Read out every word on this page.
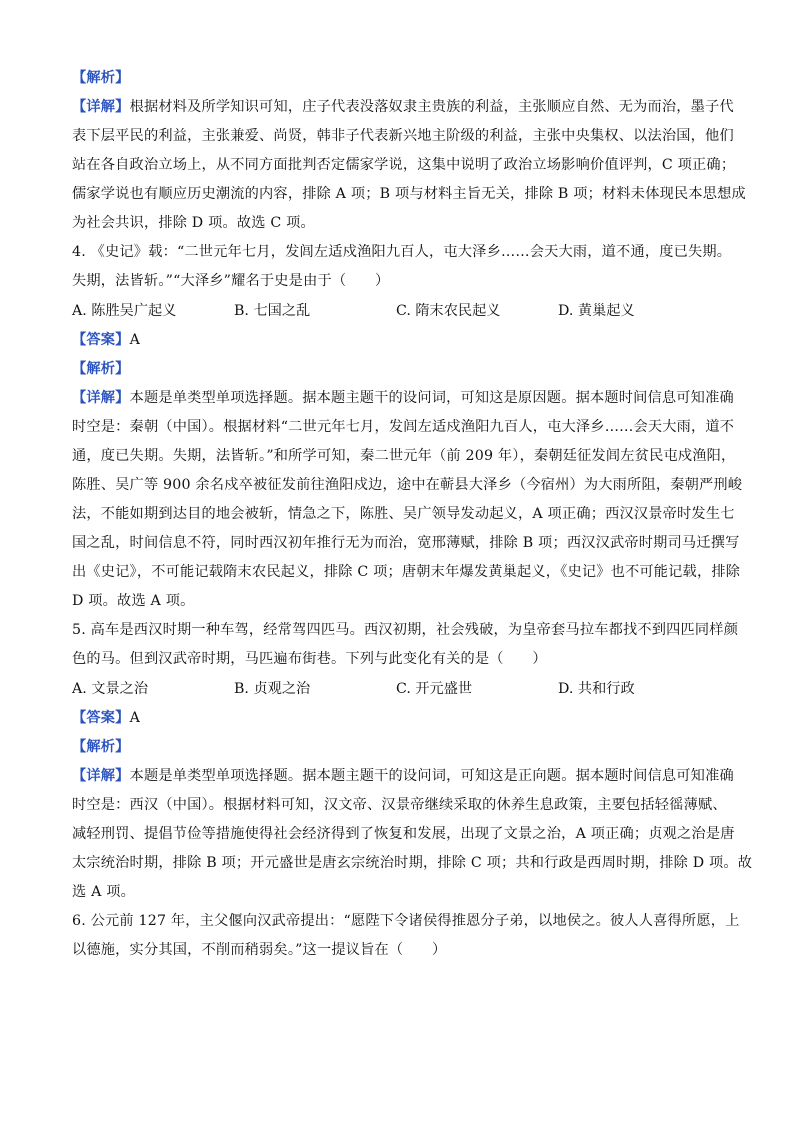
【解析】
【详解】根据材料及所学知识可知，庄子代表没落奴隶主贵族的利益，主张顺应自然、无为而治，墨子代
表下层平民的利益，主张兼爱、尚贤，韩非子代表新兴地主阶级的利益，主张中央集权、以法治国，他们
站在各自政治立场上，从不同方面批判否定儒家学说，这集中说明了政治立场影响价值评判，C 项正确；
儒家学说也有顺应历史潮流的内容，排除 A 项；B 项与材料主旨无关，排除 B 项；材料未体现民本思想成
为社会共识，排除 D 项。故选 C 项。
4. 《史记》载：“二世元年七月，发闾左适戍渔阳九百人，屯大泽乡……会天大雨，道不通，度已失期。
失期，法皆斩。”“大泽乡”耀名于史是由于（　　）
A. 陈胜吴广起义	B. 七国之乱	C. 隋末农民起义	D. 黄巢起义
【答案】A
【解析】
【详解】本题是单类型单项选择题。据本题主题干的设问词，可知这是原因题。据本题时间信息可知准确
时空是：秦朝（中国）。根据材料“二世元年七月，发闾左适戍渔阳九百人，屯大泽乡……会天大雨，道不
通，度已失期。失期，法皆斩。”和所学可知，秦二世元年（前 209 年），秦朝廷征发闾左贫民屯戍渔阳，
陈胜、吴广等 900 余名戍卒被征发前往渔阳戍边，途中在蕲县大泽乡（今宿州）为大雨所阻，秦朝严刑峻
法，不能如期到达目的地会被斩，情急之下，陈胜、吴广领导发动起义，A 项正确；西汉汉景帝时发生七
国之乱，时间信息不符，同时西汉初年推行无为而治，宽邢薄赋，排除 B 项；西汉汉武帝时期司马迁撰写
出《史记》，不可能记载隋末农民起义，排除 C 项；唐朝末年爆发黄巢起义，《史记》也不可能记载，排除
D 项。故选 A 项。
5. 高车是西汉时期一种车驾，经常驾四匹马。西汉初期，社会残破，为皇帝套马拉车都找不到四匹同样颜
色的马。但到汉武帝时期，马匹遍布街巷。下列与此变化有关的是（　　）
A. 文景之治	B. 贞观之治	C. 开元盛世	D. 共和行政
【答案】A
【解析】
【详解】本题是单类型单项选择题。据本题主题干的设问词，可知这是正向题。据本题时间信息可知准确
时空是：西汉（中国）。根据材料可知，汉文帝、汉景帝继续采取的休养生息政策，主要包括轻徭薄赋、
减轻刑罚、提倡节俭等措施使得社会经济得到了恢复和发展，出现了文景之治，A 项正确；贞观之治是唐
太宗统治时期，排除 B 项；开元盛世是唐玄宗统治时期，排除 C 项；共和行政是西周时期，排除 D 项。故
选 A 项。
6. 公元前 127 年，主父偃向汉武帝提出：“愿陛下令诸侯得推恩分子弟，以地侯之。彼人人喜得所愿，上
以德施，实分其国，不削而稍弱矣。”这一提议旨在（　　）
